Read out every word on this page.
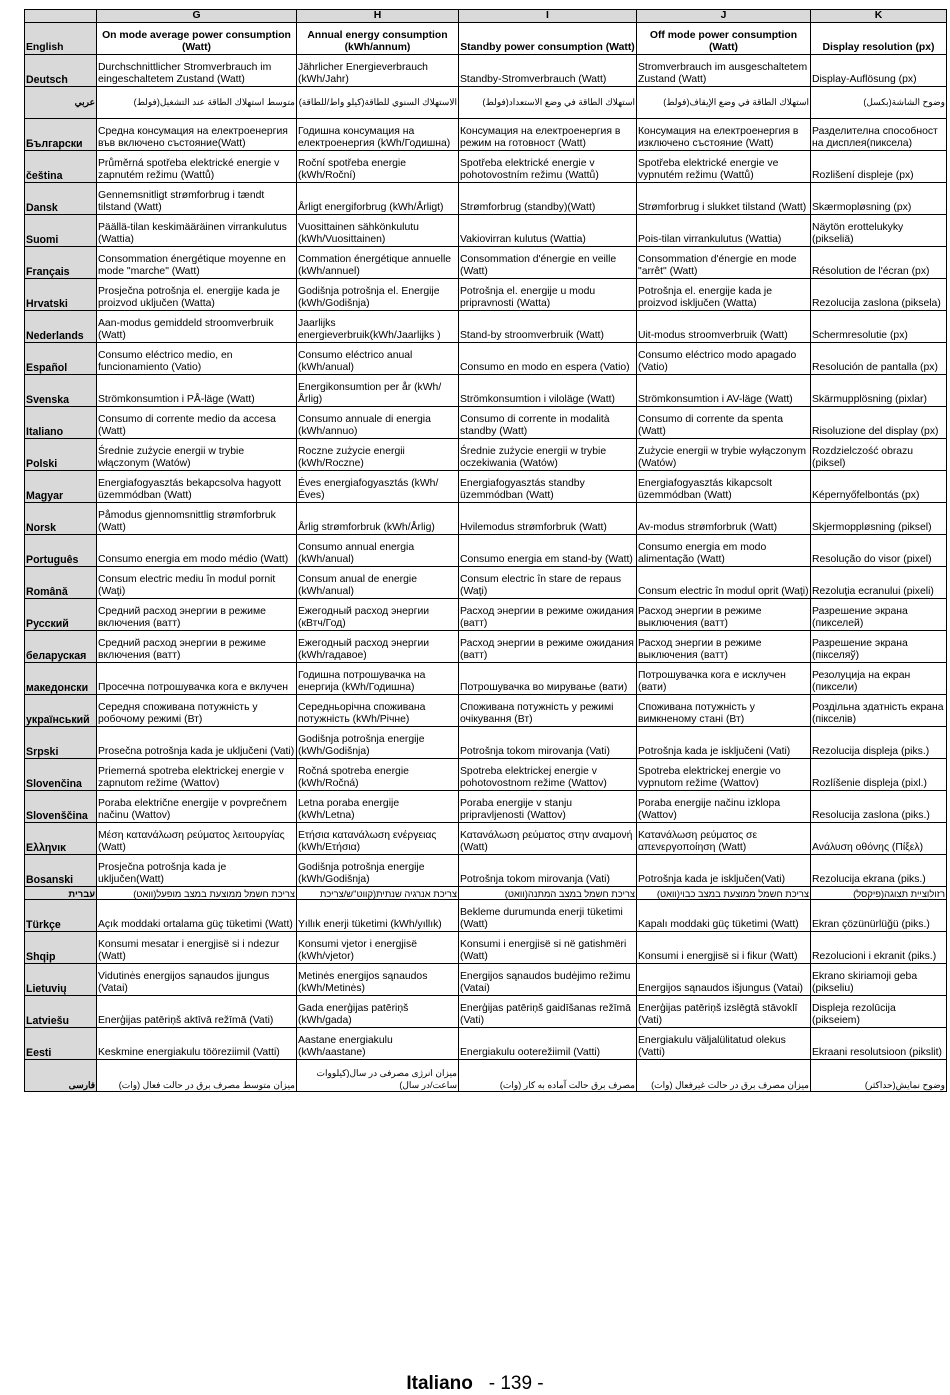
	G	H	I	J	K
English	On mode average power consumption (Watt)	Annual energy consumption (kWh/annum)	Standby power consumption (Watt)	Off mode power consumption (Watt)	Display resolution (px)
Deutsch	Durchschnittlicher Stromverbrauch im eingeschaltetem Zustand (Watt)	Jährlicher Energieverbrauch (kWh/Jahr)	Standby-Stromverbrauch (Watt)	Stromverbrauch im ausgeschaltetem Zustand (Watt)	Display-Auflösung (px)
عربي	متوسط استهلاك الطاقة عند التشغيل(فولط)	الاستهلاك السنوي للطاقة(كيلو واط/للطاقة)	استهلاك الطاقة في وضع الاستعداد(فولط)	استهلاك الطاقة في وضع الإيقاف(فولط)	وضوح الشاشة(بكسل)
Български	Средна консумация на електроенергия във включено състояние(Watt)	Годишна консумация на електроенергия (kWh/Годишна)	Консумация на електроенергия в режим на готовност (Watt)	Консумация на електроенергия в изключено състояние (Watt)	Разделителна способност на дисплея(пиксела)
čeština	Průměrná spotřeba elektrické energie v zapnutém režimu (Wattů)	Roční spotřeba energie (kWh/Roční)	Spotřeba elektrické energie v pohotovostním režimu (Wattů)	Spotřeba elektrické energie ve vypnutém režimu (Wattů)	Rozlišení displeje (px)
Dansk	Gennemsnitligt strømforbrug i tændt tilstand (Watt)	Årligt energiforbrug (kWh/Årligt)	Strømforbrug (standby)(Watt)	Strømforbrug i slukket tilstand (Watt)	Skærmopløsning (px)
Suomi	Päällä-tilan keskimääräinen virrankulutus (Wattia)	Vuosittainen sähkönkulutu (kWh/Vuosittainen)	Vakiovirran kulutus (Wattia)	Pois-tilan virrankulutus (Wattia)	Näytön erottelukyky (pikseliä)
Français	Consommation énergétique moyenne en mode "marche" (Watt)	Commation énergétique annuelle (kWh/annuel)	Consommation d'énergie en veille (Watt)	Consommation d'énergie en mode "arrêt" (Watt)	Résolution de l'écran (px)
Hrvatski	Prosječna potrošnja el. energije kada je proizvod uključen (Watta)	Godišnja potrošnja el. Energije (kWh/Godišnja)	Potrošnja el. energije u modu pripravnosti (Watta)	Potrošnja el. energije kada je proizvod isključen (Watta)	Rezolucija zaslona (piksela)
Nederlands	Aan-modus gemiddeld stroomverbruik (Watt)	Jaarlijks energieverbruik(kWh/Jaarlijks )	Stand-by stroomverbruik (Watt)	Uit-modus stroomverbruik (Watt)	Schermresolutie (px)
Español	Consumo eléctrico medio, en funcionamiento (Vatio)	Consumo eléctrico anual (kWh/anual)	Consumo en modo en espera (Vatio)	Consumo eléctrico modo apagado (Vatio)	Resolución de pantalla (px)
Svenska	Strömkonsumtion i PÅ-läge (Watt)	Energikonsumtion per år (kWh/Årlig)	Strömkonsumtion i viloläge (Watt)	Strömkonsumtion i AV-läge (Watt)	Skärmupplösning (pixlar)
Italiano	Consumo di corrente medio da accesa (Watt)	Consumo annuale di energia (kWh/annuo)	Consumo di corrente in modalità standby (Watt)	Consumo di corrente da spenta (Watt)	Risoluzione del display (px)
Polski	Średnie zużycie energii w trybie włączonym (Watów)	Roczne zużycie energii (kWh/Roczne)	Średnie zużycie energii w trybie oczekiwania (Watów)	Zużycie energii w trybie wyłączonym (Watów)	Rozdzielczość obrazu (piksel)
Magyar	Energiafogyasztás bekapcsolva hagyott üzemmódban (Watt)	Éves energiafogyasztás (kWh/Éves)	Energiafogyasztás standby üzemmódban (Watt)	Energiafogyasztás kikapcsolt üzemmódban (Watt)	Képernyőfelbontás (px)
Norsk	Påmodus gjennomsnittlig strømforbruk (Watt)	Årlig strømforbruk (kWh/Årlig)	Hvilemodus strømforbruk (Watt)	Av-modus strømforbruk (Watt)	Skjermoppløsning (piksel)
Português	Consumo energia em modo médio (Watt)	Consumo annual energia (kWh/anual)	Consumo energia em stand-by (Watt)	Consumo energia em modo alimentação (Watt)	Resolução do visor (pixel)
Română	Consum electric mediu în modul pornit (Waţi)	Consum anual de energie (kWh/anual)	Consum electric în stare de repaus (Waţi)	Consum electric în modul oprit (Waţi)	Rezoluţia ecranului (pixeli)
Русский	Средний расход энергии в режиме включения (ватт)	Ежегодный расход энергии (кВтч/Год)	Расход энергии в режиме ожидания (ватт)	Расход энергии в режиме выключения (ватт)	Разрешение экрана (пикселей)
беларуская	Средний расход энергии в режиме включения (ватт)	Ежегодный расход энергии (kWh/гадавое)	Расход энергии в режиме ожидания (ватт)	Расход энергии в режиме выключения (ватт)	Разрешение экрана (пiкселяў)
македонски	Просечна потрошувачка кога е вклучен	Годишна потрошувачка на енергија (kWh/Годишна)	Потрошувачка во мирување (вати)	Потрошувачка кога е исклучен (вати)	Резолуција на екран (пиксели)
український	Середня споживана потужність у робочому режимі (Вт)	Середньорічна споживана потужність (kWh/Річне)	Споживана потужність у режимі очікування (Вт)	Споживана потужність у вимкненому стані (Вт)	Роздільна здатність екрана (пікселів)
Srpski	Prosečna potrošnja kada je uključeni (Vati)	Godišnja potrošnja energije (kWh/Godišnja)	Potrošnja tokom mirovanja (Vati)	Potrošnja kada je isključeni (Vati)	Rezolucija displeja (piks.)
Slovenčina	Priemerná spotreba elektrickej energie v zapnutom režime (Wattov)	Ročná spotreba energie (kWh/Ročná)	Spotreba elektrickej energie v pohotovostnom režime (Wattov)	Spotreba elektrickej energie vo vypnutom režime (Wattov)	Rozlíšenie displeja (pixl.)
Slovenščina	Poraba električne energije v povprečnem načinu (Wattov)	Letna poraba energije (kWh/Letna)	Poraba energije v stanju pripravljenosti (Wattov)	Poraba energije načinu izklopa (Wattov)	Resolucija zaslona (piks.)
Ελληνικ	Μέση κατανάλωση ρεύματος λειτουργίας (Watt)	Ετήσια κατανάλωση ενέργειας (kWh/Ετήσια)	Κατανάλωση ρεύματος στην αναμονή (Watt)	Κατανάλωση ρεύματος σε απενεργοποίηση (Watt)	Ανάλυση οθόνης (Πίξελ)
Bosanski	Prosječna potrošnja kada je uključen(Watt)	Godišnja potrošnja energije (kWh/Godišnja)	Potrošnja tokom mirovanja (Vati)	Potrošnja kada je isključen(Vati)	Rezolucija ekrana (piks.)
עברית	צריכת חשמל ממוצעת במצב מופעל(וואט)	צריכת אנרגיה שנתית(קווט"ש/צריכת	צריכת חשמל במצב המתנה(וואט)	צריכת חשמל ממוצעת במצב כבוי(וואט)	רזולוציית תצוגה(פיקסל)
Türkçe	Açık moddaki ortalama güç tüketimi (Watt)	Yıllık enerji tüketimi (kWh/yıllık)	Bekleme durumunda enerji tüketimi (Watt)	Kapalı moddaki güç tüketimi (Watt)	Ekran çözünürlüğü (piks.)
Shqip	Konsumi mesatar i energjisë si i ndezur (Watt)	Konsumi vjetor i energjisë (kWh/vjetor)	Konsumi i energjisë si në gatishmëri (Watt)	Konsumi i energjisë si i fikur (Watt)	Rezolucioni i ekranit (piks.)
Lietuvių	Vidutinės energijos sąnaudos įjungus (Vatai)	Metinės energijos sąnaudos (kWh/Metinės)	Energijos sąnaudos budėjimo režimu (Vatai)	Energijos sąnaudos išjungus (Vatai)	Ekrano skiriamoji geba (pikseliu)
Latviešu	Enerģijas patēriņš aktīvā režīmā (Vati)	Gada enerģijas patēriņš (kWh/gada)	Enerģijas patēriņš gaidīšanas režīmā (Vati)	Enerģijas patēriņš izslēgtā stāvoklī (Vati)	Displeja rezolūcija (pikseiem)
Eesti	Keskmine energiakulu tööreziimil (Vatti)	Aastane energiakulu (kWh/aastane)	Energiakulu ooterežiimil (Vatti)	Energiakulu väljalülitatud olekus (Vatti)	Ekraani resolutsioon (pikslit)
فارسی	میزان متوسط مصرف برق در حالت فعال (وات)	میزان انرژی مصرفی در سال(کیلووات ساعت/در سال)	مصرف برق حالت آماده به کار (وات)	میزان مصرف برق در حالت غیرفعال (وات)	وضوح نمایش(حداکثر)
Italiano - 139 -
